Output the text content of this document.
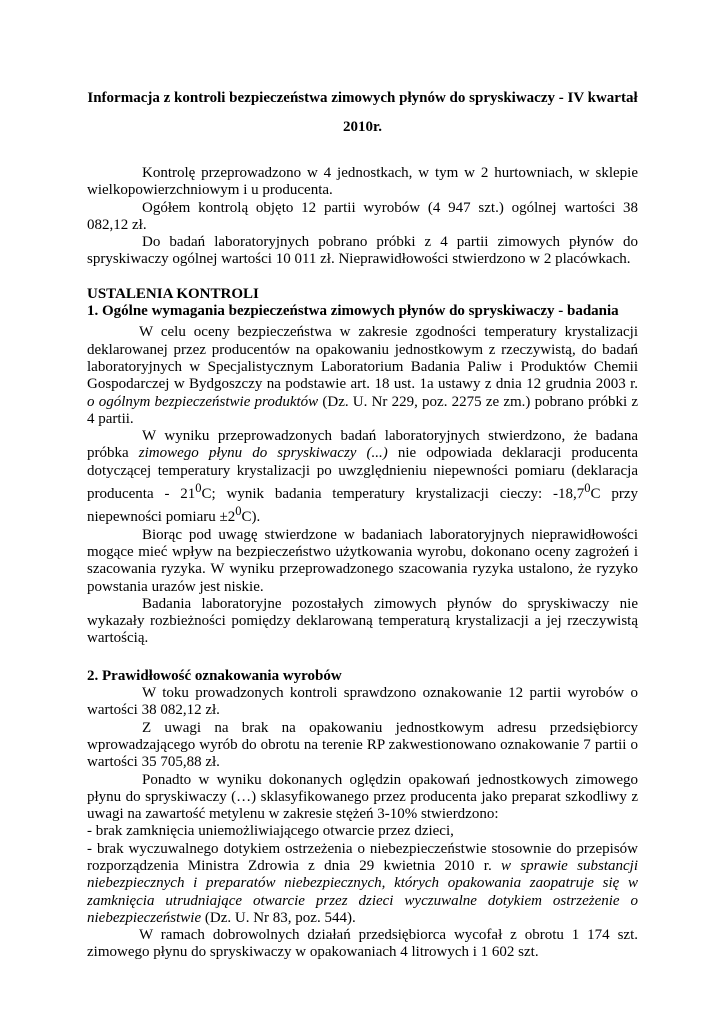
Informacja z kontroli bezpieczeństwa zimowych płynów do spryskiwaczy - IV kwartał

2010r.

Kontrolę przeprowadzono w 4 jednostkach, w tym w 2 hurtowniach, w sklepie wielkopowierzchniowym i u producenta.

Ogółem kontrolą objęto 12 partii wyrobów (4 947 szt.) ogólnej wartości 38 082,12 zł.

Do badań laboratoryjnych pobrano próbki z 4 partii zimowych płynów do spryskiwaczy ogólnej wartości 10 011 zł. Nieprawidłowości stwierdzono w 2 placówkach.

USTALENIA KONTROLI

1. Ogólne wymagania bezpieczeństwa zimowych płynów do spryskiwaczy - badania

W celu oceny bezpieczeństwa w zakresie zgodności temperatury krystalizacji deklarowanej przez producentów na opakowaniu jednostkowym z rzeczywistą, do badań laboratoryjnych w Specjalistycznym Laboratorium Badania Paliw i Produktów Chemii Gospodarczej w Bydgoszczy na podstawie art. 18 ust. 1a ustawy z dnia 12 grudnia 2003 r. o ogólnym bezpieczeństwie produktów (Dz. U. Nr 229, poz. 2275 ze zm.) pobrano próbki z 4 partii.

W wyniku przeprowadzonych badań laboratoryjnych stwierdzono, że badana próbka zimowego płynu do spryskiwaczy (...) nie odpowiada deklaracji producenta dotyczącej temperatury krystalizacji po uwzględnieniu niepewności pomiaru (deklaracja producenta - $21^0C$; wynik badania temperatury krystalizacji cieczy: -18,7$^0$C przy niepewności pomiaru $\pm 2^0C$).

Biorąc pod uwagę stwierdzone w badaniach laboratoryjnych nieprawidłowości mogące mieć wpływ na bezpieczeństwo użytkowania wyrobu, dokonano oceny zagrożeń i szacowania ryzyka. W wyniku przeprowadzonego szacowania ryzyka ustalono, że ryzyko powstania urazów jest niskie.

Badania laboratoryjne pozostałych zimowych płynów do spryskiwaczy nie wykazały rozbieżności pomiędzy deklarowaną temperaturą krystalizacji a jej rzeczywistą wartością.

2. Prawidłowość oznakowania wyrobów

W toku prowadzonych kontroli sprawdzono oznakowanie 12 partii wyrobów o wartości 38 082,12 zł.

Z uwagi na brak na opakowaniu jednostkowym adresu przedsiębiorcy wprowadzającego wyrób do obrotu na terenie RP zakwestionowano oznakowanie 7 partii o wartości 35 705,88 zł.

Ponadto w wyniku dokonanych oględzin opakowań jednostkowych zimowego płynu do spryskiwaczy (…) sklasyfikowanego przez producenta jako preparat szkodliwy z uwagi na zawartość metylenu w zakresie stężeń 3-10% stwierdzono:

- brak zamknięcia uniemożliwiającego otwarcie przez dzieci,

- brak wyczuwalnego dotykiem ostrzeżenia o niebezpieczeństwie stosownie do przepisów rozporządzenia Ministra Zdrowia z dnia 29 kwietnia 2010 r. w sprawie substancji niebezpiecznych i preparatów niebezpiecznych, których opakowania zaopatruje się w zamknięcia utrudniające otwarcie przez dzieci wyczuwalne dotykiem ostrzeżenie o niebezpieczeństwie (Dz. U. Nr 83, poz. 544).

W ramach dobrowolnych działań przedsiębiorca wycofał z obrotu 1 174 szt. zimowego płynu do spryskiwaczy w opakowaniach 4 litrowych i 1 602 szt.
